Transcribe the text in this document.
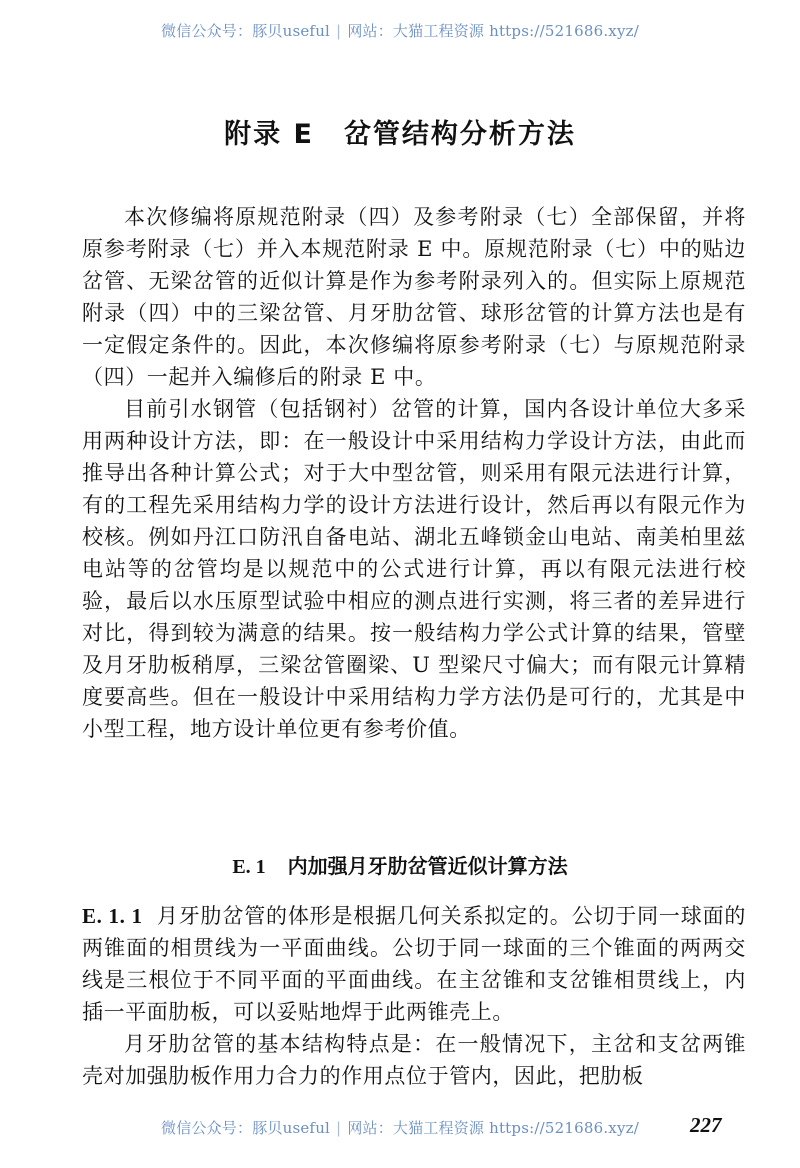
微信公众号：豚贝useful | 网站：大猫工程资源 https://521686.xyz/
附录 E 岔管结构分析方法

本次修编将原规范附录（四）及参考附录（七）全部保留，并将原参考附录（七）并入本规范附录 E 中。原规范附录（七）中的贴边岔管、无梁岔管的近似计算是作为参考附录列入的。但实际上原规范附录（四）中的三梁岔管、月牙肋岔管、球形岔管的计算方法也是有一定假定条件的。因此，本次修编将原参考附录（七）与原规范附录（四）一起并入编修后的附录 E 中。

目前引水钢管（包括钢衬）岔管的计算，国内各设计单位大多采用两种设计方法，即：在一般设计中采用结构力学设计方法，由此而推导出各种计算公式；对于大中型岔管，则采用有限元法进行计算，有的工程先采用结构力学的设计方法进行设计，然后再以有限元作为校核。例如丹江口防汛自备电站、湖北五峰锁金山电站、南美柏里兹电站等的岔管均是以规范中的公式进行计算，再以有限元法进行校验，最后以水压原型试验中相应的测点进行实测，将三者的差异进行对比，得到较为满意的结果。按一般结构力学公式计算的结果，管壁及月牙肋板稍厚，三梁岔管圈梁、U 型梁尺寸偏大；而有限元计算精度要高些。但在一般设计中采用结构力学方法仍是可行的，尤其是中小型工程，地方设计单位更有参考价值。

E. 1 内加强月牙肋岔管近似计算方法

E. 1. 1 月牙肋岔管的体形是根据几何关系拟定的。公切于同一球面的两锥面的相贯线为一平面曲线。公切于同一球面的三个锥面的两两交线是三根位于不同平面的平面曲线。在主岔锥和支岔锥相贯线上，内插一平面肋板，可以妥贴地焊于此两锥壳上。

月牙肋岔管的基本结构特点是：在一般情况下，主岔和支岔两锥壳对加强肋板作用力合力的作用点位于管内，因此，把肋板

微信公众号：豚贝useful | 网站：大猫工程资源 https://521686.xyz/	227
